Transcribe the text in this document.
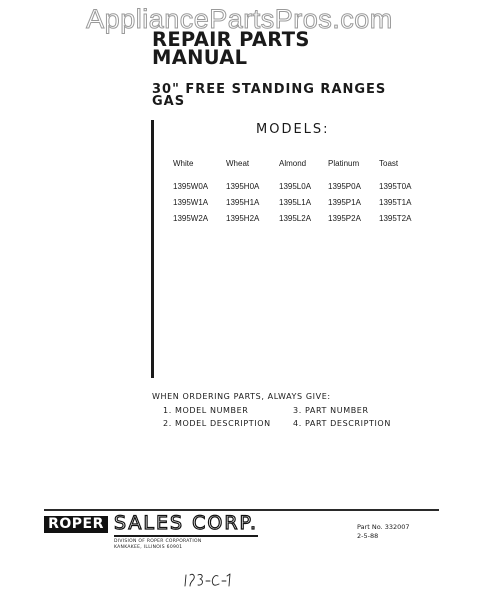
AppliancePartsPros.com
REPAIR PARTS
MANUAL
30" FREE STANDING RANGES
GAS
MODELS:
White	Wheat	Almond	Platinum	Toast
1395W0A	1395H0A	1395L0A	1395P0A	1395T0A
1395W1A	1395H1A	1395L1A	1395P1A	1395T1A
1395W2A	1395H2A	1395L2A	1395P2A	1395T2A
WHEN ORDERING PARTS, ALWAYS GIVE:
1. MODEL NUMBER
2. MODEL DESCRIPTION
3. PART NUMBER
4. PART DESCRIPTION
ROPER SALES CORP.
DIVISION OF ROPER CORPORATION
KANKAKEE, ILLINOIS 60901
Part No. 332007
2-5-88
